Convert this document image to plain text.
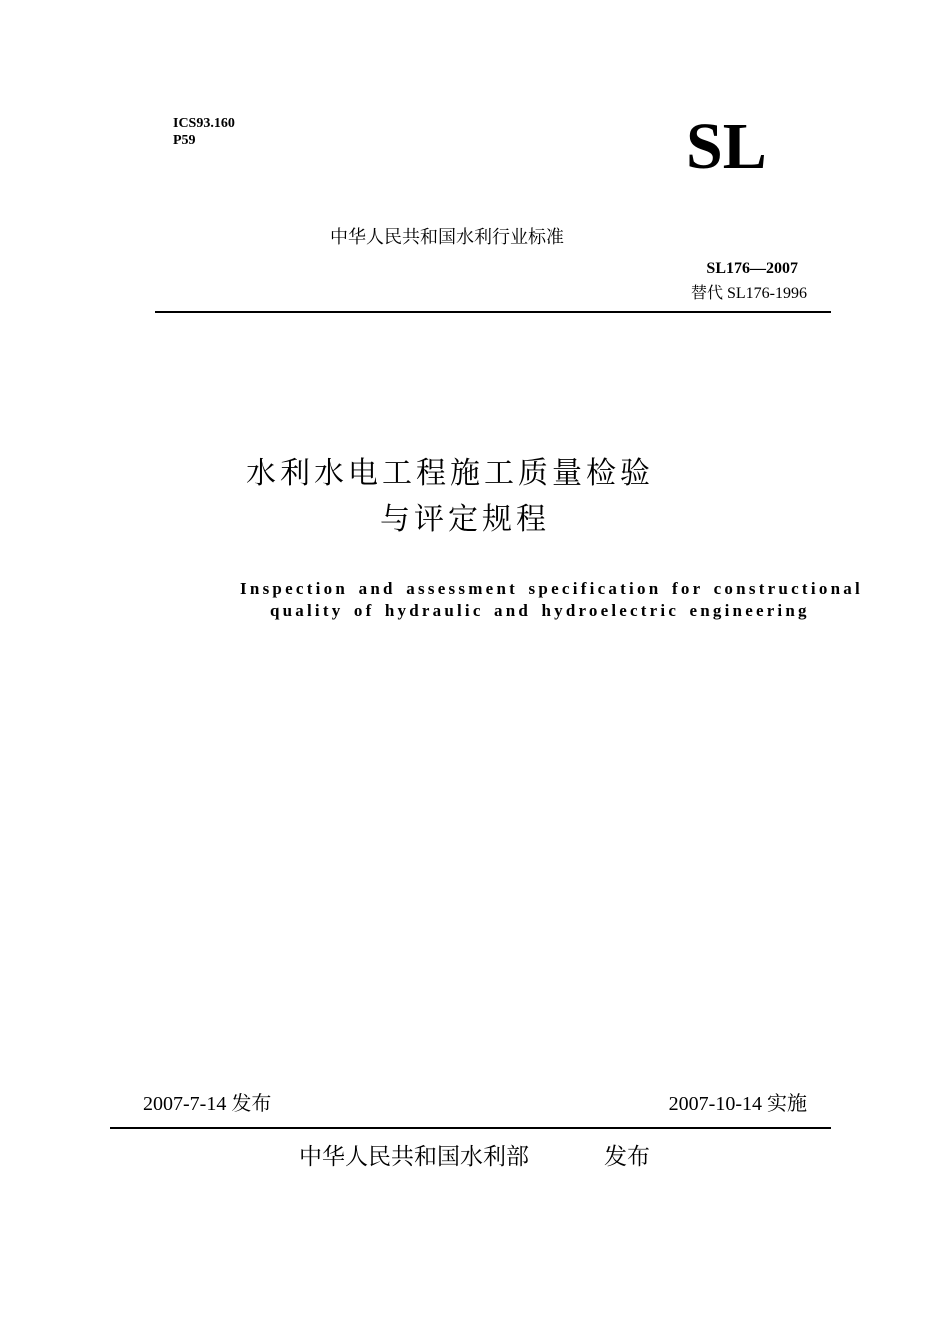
ICS93.160
P59	SL
中华人民共和国水利行业标准
SL176—2007
替代 SL176-1996
水利水电工程施工质量检验
与评定规程
Inspection and assessment specification for constructional
quality of hydraulic and hydroelectric engineering
2007-7-14 发布	2007-10-14 实施
中华人民共和国水利部	发布
